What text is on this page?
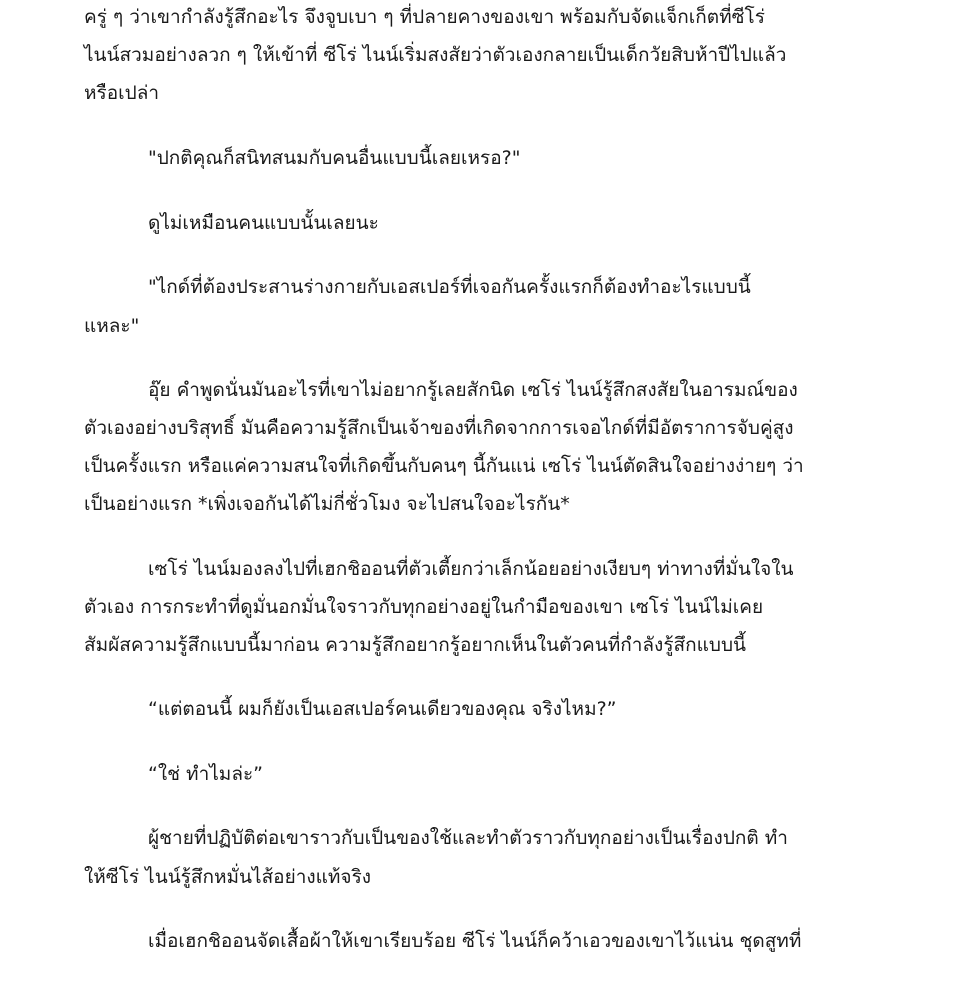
ครู่ ๆ ว่าเขากำลังรู้สึกอะไร จึงจูบเบา ๆ ที่ปลายคางของเขา พร้อมกับจัดแจ็กเก็ตที่ซีโร่
ไนน์สวมอย่างลวก ๆ ให้เข้าที่ ซีโร่ ไนน์เริ่มสงสัยว่าตัวเองกลายเป็นเด็กวัยสิบห้าปีไปแล้ว
หรือเปล่า
"ปกติคุณก็สนิทสนมกับคนอื่นแบบนี้เลยเหรอ?"
ดูไม่เหมือนคนแบบนั้นเลยนะ
"ไกด์ที่ต้องประสานร่างกายกับเอสเปอร์ที่เจอกันครั้งแรกก็ต้องทำอะไรแบบนี้
แหละ"
อุ๊ย คำพูดนั่นมันอะไรที่เขาไม่อยากรู้เลยสักนิด เซโร่ ไนน์รู้สึกสงสัยในอารมณ์ของ
ตัวเองอย่างบริสุทธิ์ มันคือความรู้สึกเป็นเจ้าของที่เกิดจากการเจอไกด์ที่มีอัตราการจับคู่สูง
เป็นครั้งแรก หรือแค่ความสนใจที่เกิดขึ้นกับคนๆ นี้กันแน่ เซโร่ ไนน์ตัดสินใจอย่างง่ายๆ ว่า
เป็นอย่างแรก *เพิ่งเจอกันได้ไม่กี่ชั่วโมง จะไปสนใจอะไรกัน*
เซโร่ ไนน์มองลงไปที่เฮกชิออนที่ตัวเตี้ยกว่าเล็กน้อยอย่างเงียบๆ ท่าทางที่มั่นใจใน
ตัวเอง การกระทำที่ดูมั่นอกมั่นใจราวกับทุกอย่างอยู่ในกำมือของเขา เซโร่ ไนน์ไม่เคย
สัมผัสความรู้สึกแบบนี้มาก่อน ความรู้สึกอยากรู้อยากเห็นในตัวคนที่กำลังรู้สึกแบบนี้
“แต่ตอนนี้ ผมก็ยังเป็นเอสเปอร์คนเดียวของคุณ จริงไหม?”
“ใช่ ทำไมล่ะ”
ผู้ชายที่ปฏิบัติต่อเขาราวกับเป็นของใช้และทำตัวราวกับทุกอย่างเป็นเรื่องปกติ ทำ
ให้ซีโร่ ไนน์รู้สึกหมั่นไส้อย่างแท้จริง
เมื่อเฮกชิออนจัดเสื้อผ้าให้เขาเรียบร้อย ซีโร่ ไนน์ก็คว้าเอวของเขาไว้แน่น ชุดสูทที่
